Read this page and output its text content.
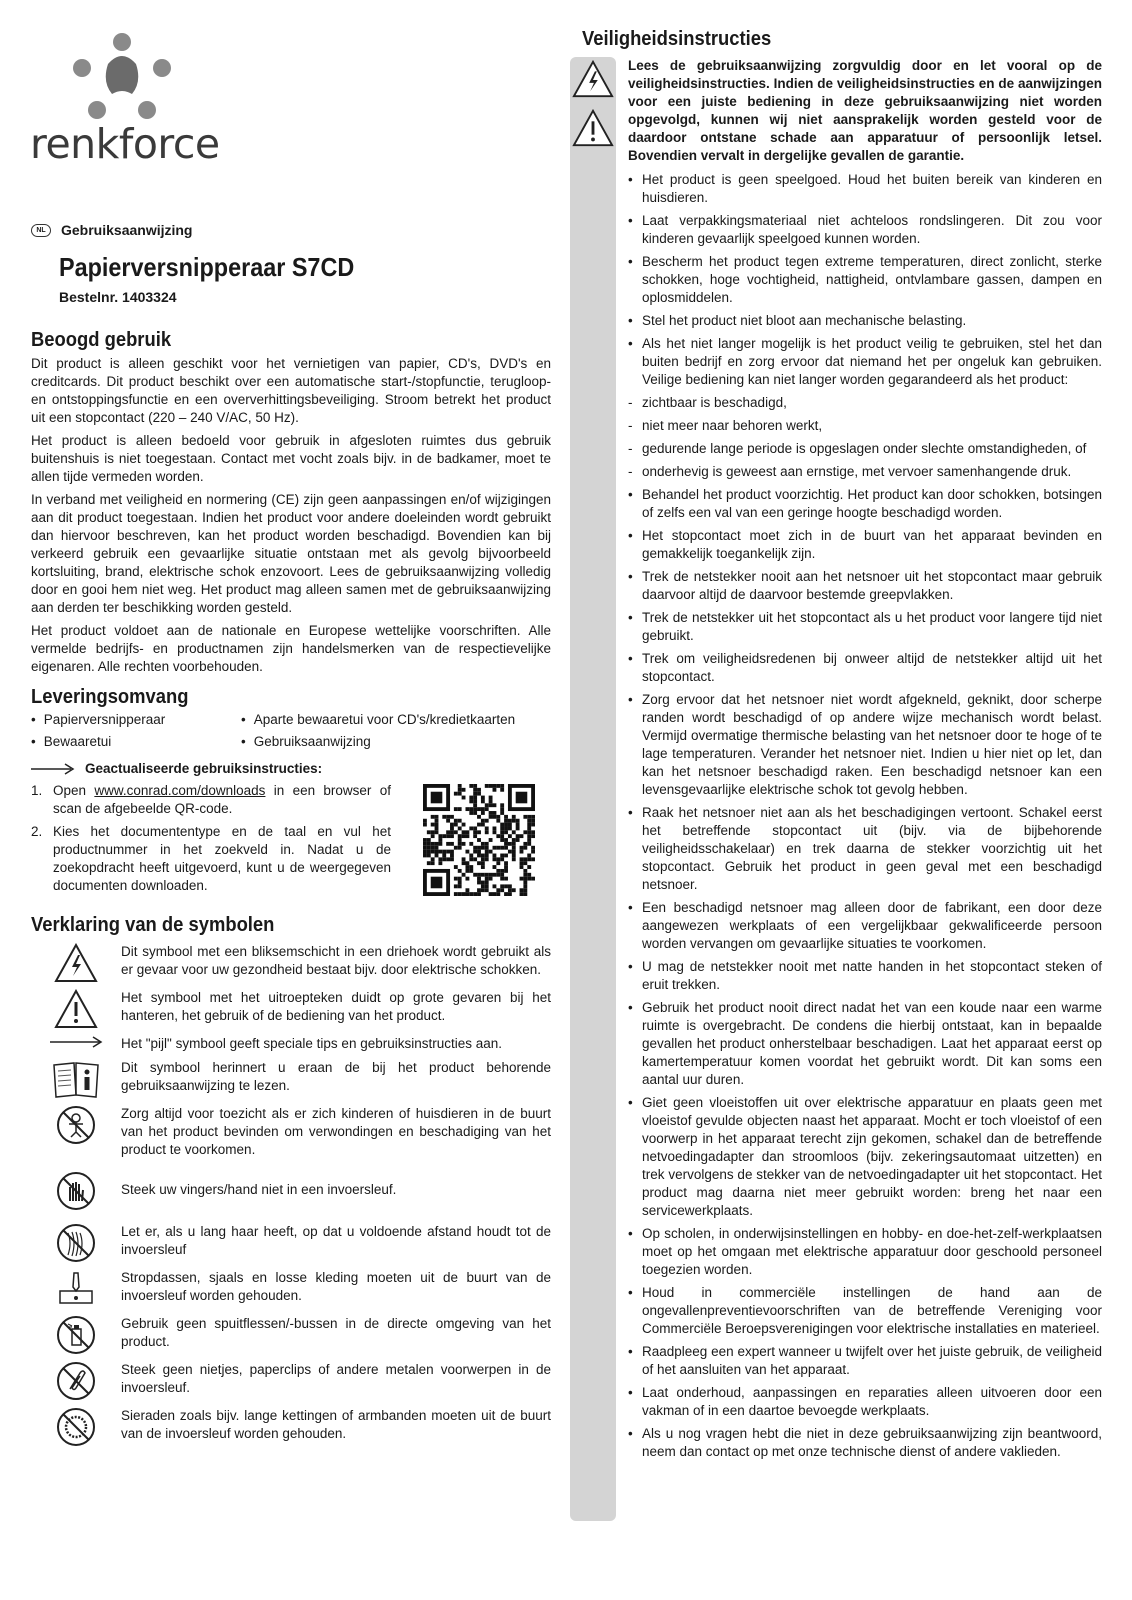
renkforce
NL	Gebruiksaanwijzing
Papierversnipperaar S7CD
Bestelnr. 1403324
Beoogd gebruik

Dit product is alleen geschikt voor het vernietigen van papier, CD's, DVD's en creditcards. Dit product beschikt over een automatische start-/stopfunctie, terugloop- en ontstoppingsfunctie en een oververhittingsbeveiliging. Stroom betrekt het product uit een stopcontact (220 – 240 V/AC, 50 Hz).

Het product is alleen bedoeld voor gebruik in afgesloten ruimtes dus gebruik buitenshuis is niet toegestaan. Contact met vocht zoals bijv. in de badkamer, moet te allen tijde vermeden worden.

In verband met veiligheid en normering (CE) zijn geen aanpassingen en/of wijzigingen aan dit product toegestaan. Indien het product voor andere doeleinden wordt gebruikt dan hiervoor beschreven, kan het product worden beschadigd. Bovendien kan bij verkeerd gebruik een gevaarlijke situatie ontstaan met als gevolg bijvoorbeeld kortsluiting, brand, elektrische schok enzovoort. Lees de gebruiksaanwijzing volledig door en gooi hem niet weg. Het product mag alleen samen met de gebruiksaanwijzing aan derden ter beschikking worden gesteld.

Het product voldoet aan de nationale en Europese wettelijke voorschriften. Alle vermelde bedrijfs- en productnamen zijn handelsmerken van de respectievelijke eigenaren. Alle rechten voorbehouden.

Leveringsomvang
• Papierversnipperaar	• Aparte bewaaretui voor CD's/kredietkaarten
• Bewaaretui	• Gebruiksaanwijzing
Geactualiseerde gebruiksinstructies:
1. Open www.conrad.com/downloads in een browser of scan de afgebeelde QR-code.
2. Kies het documententype en de taal en vul het productnummer in het zoekveld in. Nadat u de zoekopdracht heeft uitgevoerd, kunt u de weergegeven documenten downloaden.
Verklaring van de symbolen
Dit symbool met een bliksemschicht in een driehoek wordt gebruikt als er gevaar voor uw gezondheid bestaat bijv. door elektrische schokken.
Het symbool met het uitroepteken duidt op grote gevaren bij het hanteren, het gebruik of de bediening van het product.
Het "pijl" symbool geeft speciale tips en gebruiksinstructies aan.
Dit symbool herinnert u eraan de bij het product behorende gebruiksaanwijzing te lezen.
Zorg altijd voor toezicht als er zich kinderen of huisdieren in de buurt van het product bevinden om verwondingen en beschadiging van het product te voorkomen.
Steek uw vingers/hand niet in een invoersleuf.
Let er, als u lang haar heeft, op dat u voldoende afstand houdt tot de invoersleuf
Stropdassen, sjaals en losse kleding moeten uit de buurt van de invoersleuf worden gehouden.
Gebruik geen spuitflessen/-bussen in de directe omgeving van het product.
Steek geen nietjes, paperclips of andere metalen voorwerpen in de invoersleuf.
Sieraden zoals bijv. lange kettingen of armbanden moeten uit de buurt van de invoersleuf worden gehouden.
Veiligheidsinstructies

Lees de gebruiksaanwijzing zorgvuldig door en let vooral op de veiligheidsinstructies. Indien de veiligheidsinstructies en de aanwijzingen voor een juiste bediening in deze gebruiksaanwijzing niet worden opgevolgd, kunnen wij niet aansprakelijk worden gesteld voor de daardoor ontstane schade aan apparatuur of persoonlijk letsel. Bovendien vervalt in dergelijke gevallen de garantie.
• Het product is geen speelgoed. Houd het buiten bereik van kinderen en huisdieren.
• Laat verpakkingsmateriaal niet achteloos rondslingeren. Dit zou voor kinderen gevaarlijk speelgoed kunnen worden.
• Bescherm het product tegen extreme temperaturen, direct zonlicht, sterke schokken, hoge vochtigheid, nattigheid, ontvlambare gassen, dampen en oplosmiddelen.
• Stel het product niet bloot aan mechanische belasting.
• Als het niet langer mogelijk is het product veilig te gebruiken, stel het dan buiten bedrijf en zorg ervoor dat niemand het per ongeluk kan gebruiken. Veilige bediening kan niet langer worden gegarandeerd als het product:
- zichtbaar is beschadigd,
- niet meer naar behoren werkt,
- gedurende lange periode is opgeslagen onder slechte omstandigheden, of
- onderhevig is geweest aan ernstige, met vervoer samenhangende druk.
• Behandel het product voorzichtig. Het product kan door schokken, botsingen of zelfs een val van een geringe hoogte beschadigd worden.
• Het stopcontact moet zich in de buurt van het apparaat bevinden en gemakkelijk toegankelijk zijn.
• Trek de netstekker nooit aan het netsnoer uit het stopcontact maar gebruik daarvoor altijd de daarvoor bestemde greepvlakken.
• Trek de netstekker uit het stopcontact als u het product voor langere tijd niet gebruikt.
• Trek om veiligheidsredenen bij onweer altijd de netstekker altijd uit het stopcontact.
• Zorg ervoor dat het netsnoer niet wordt afgekneld, geknikt, door scherpe randen wordt beschadigd of op andere wijze mechanisch wordt belast. Vermijd overmatige thermische belasting van het netsnoer door te hoge of te lage temperaturen. Verander het netsnoer niet. Indien u hier niet op let, dan kan het netsnoer beschadigd raken. Een beschadigd netsnoer kan een levensgevaarlijke elektrische schok tot gevolg hebben.
• Raak het netsnoer niet aan als het beschadigingen vertoont. Schakel eerst het betreffende stopcontact uit (bijv. via de bijbehorende veiligheidsschakelaar) en trek daarna de stekker voorzichtig uit het stopcontact. Gebruik het product in geen geval met een beschadigd netsnoer.
• Een beschadigd netsnoer mag alleen door de fabrikant, een door deze aangewezen werkplaats of een vergelijkbaar gekwalificeerde persoon worden vervangen om gevaarlijke situaties te voorkomen.
• U mag de netstekker nooit met natte handen in het stopcontact steken of eruit trekken.
• Gebruik het product nooit direct nadat het van een koude naar een warme ruimte is overgebracht. De condens die hierbij ontstaat, kan in bepaalde gevallen het product onherstelbaar beschadigen. Laat het apparaat eerst op kamertemperatuur komen voordat het gebruikt wordt. Dit kan soms een aantal uur duren.
• Giet geen vloeistoffen uit over elektrische apparatuur en plaats geen met vloeistof gevulde objecten naast het apparaat. Mocht er toch vloeistof of een voorwerp in het apparaat terecht zijn gekomen, schakel dan de betreffende netvoedingadapter dan stroomloos (bijv. zekeringsautomaat uitzetten) en trek vervolgens de stekker van de netvoedingadapter uit het stopcontact. Het product mag daarna niet meer gebruikt worden: breng het naar een servicewerkplaats.
• Op scholen, in onderwijsinstellingen en hobby- en doe-het-zelf-werkplaatsen moet op het omgaan met elektrische apparatuur door geschoold personeel toegezien worden.
• Houd in commerciële instellingen de hand aan de ongevallenpreventievoorschriften van de betreffende Vereniging voor Commerciële Beroepsverenigingen voor elektrische installaties en materieel.
• Raadpleeg een expert wanneer u twijfelt over het juiste gebruik, de veiligheid of het aansluiten van het apparaat.
• Laat onderhoud, aanpassingen en reparaties alleen uitvoeren door een vakman of in een daartoe bevoegde werkplaats.
• Als u nog vragen hebt die niet in deze gebruiksaanwijzing zijn beantwoord, neem dan contact op met onze technische dienst of andere vaklieden.
